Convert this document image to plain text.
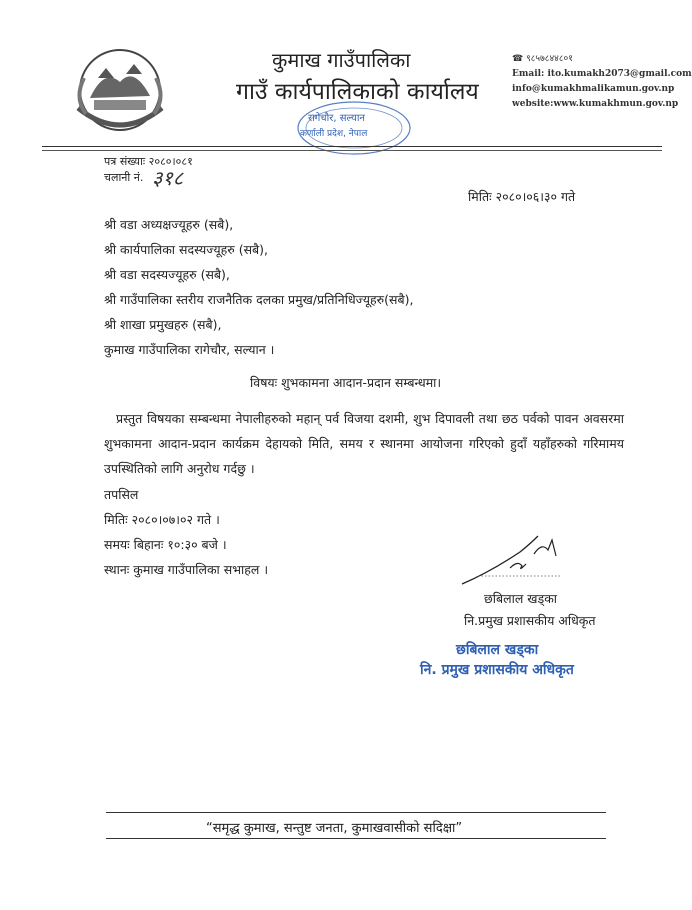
कुमाख गाउँपालिका
गाउँ कार्यपालिकाको कार्यालय
रागेचौर, सल्यान
कर्णाली प्रदेश, नेपाल
☎ ९८५७८४४८०१
Email: ito.kumakh2073@gmail.com
info@kumakhmalikamun.gov.np
website:www.kumakhmun.gov.np
पत्र संख्याः २०८०।०८१
चलानी नं. ३१८
मितिः २०८०।०६।३० गते
श्री वडा अध्यक्षज्यूहरु (सबै),
श्री कार्यपालिका सदस्यज्यूहरु (सबै),
श्री वडा सदस्यज्यूहरु (सबै),
श्री गाउँपालिका स्तरीय राजनैतिक दलका प्रमुख/प्रतिनिधिज्यूहरु(सबै),
श्री शाखा प्रमुखहरु (सबै),
कुमाख गाउँपालिका रागेचौर, सल्यान ।
विषयः शुभकामना आदान-प्रदान सम्बन्धमा।
प्रस्तुत विषयका सम्बन्धमा नेपालीहरुको महान् पर्व विजया दशमी, शुभ दिपावली तथा छठ पर्वको पावन अवसरमा शुभकामना आदान-प्रदान कार्यक्रम देहायको मिति, समय र स्थानमा आयोजना गरिएको हुदाँ यहाँहरुको गरिमामय उपस्थितिको लागि अनुरोध गर्दछु ।
तपसिल
मितिः २०८०।०७।०२ गते ।
समयः बिहानः १०:३० बजे ।
स्थानः कुमाख गाउँपालिका सभाहल ।
छबिलाल खड्का
नि.प्रमुख प्रशासकीय अधिकृत
छबिलाल खड्का
नि. प्रमुख प्रशासकीय अधिकृत
“समृद्ध कुमाख, सन्तुष्ट जनता, कुमाखवासीको सदिक्षा”
